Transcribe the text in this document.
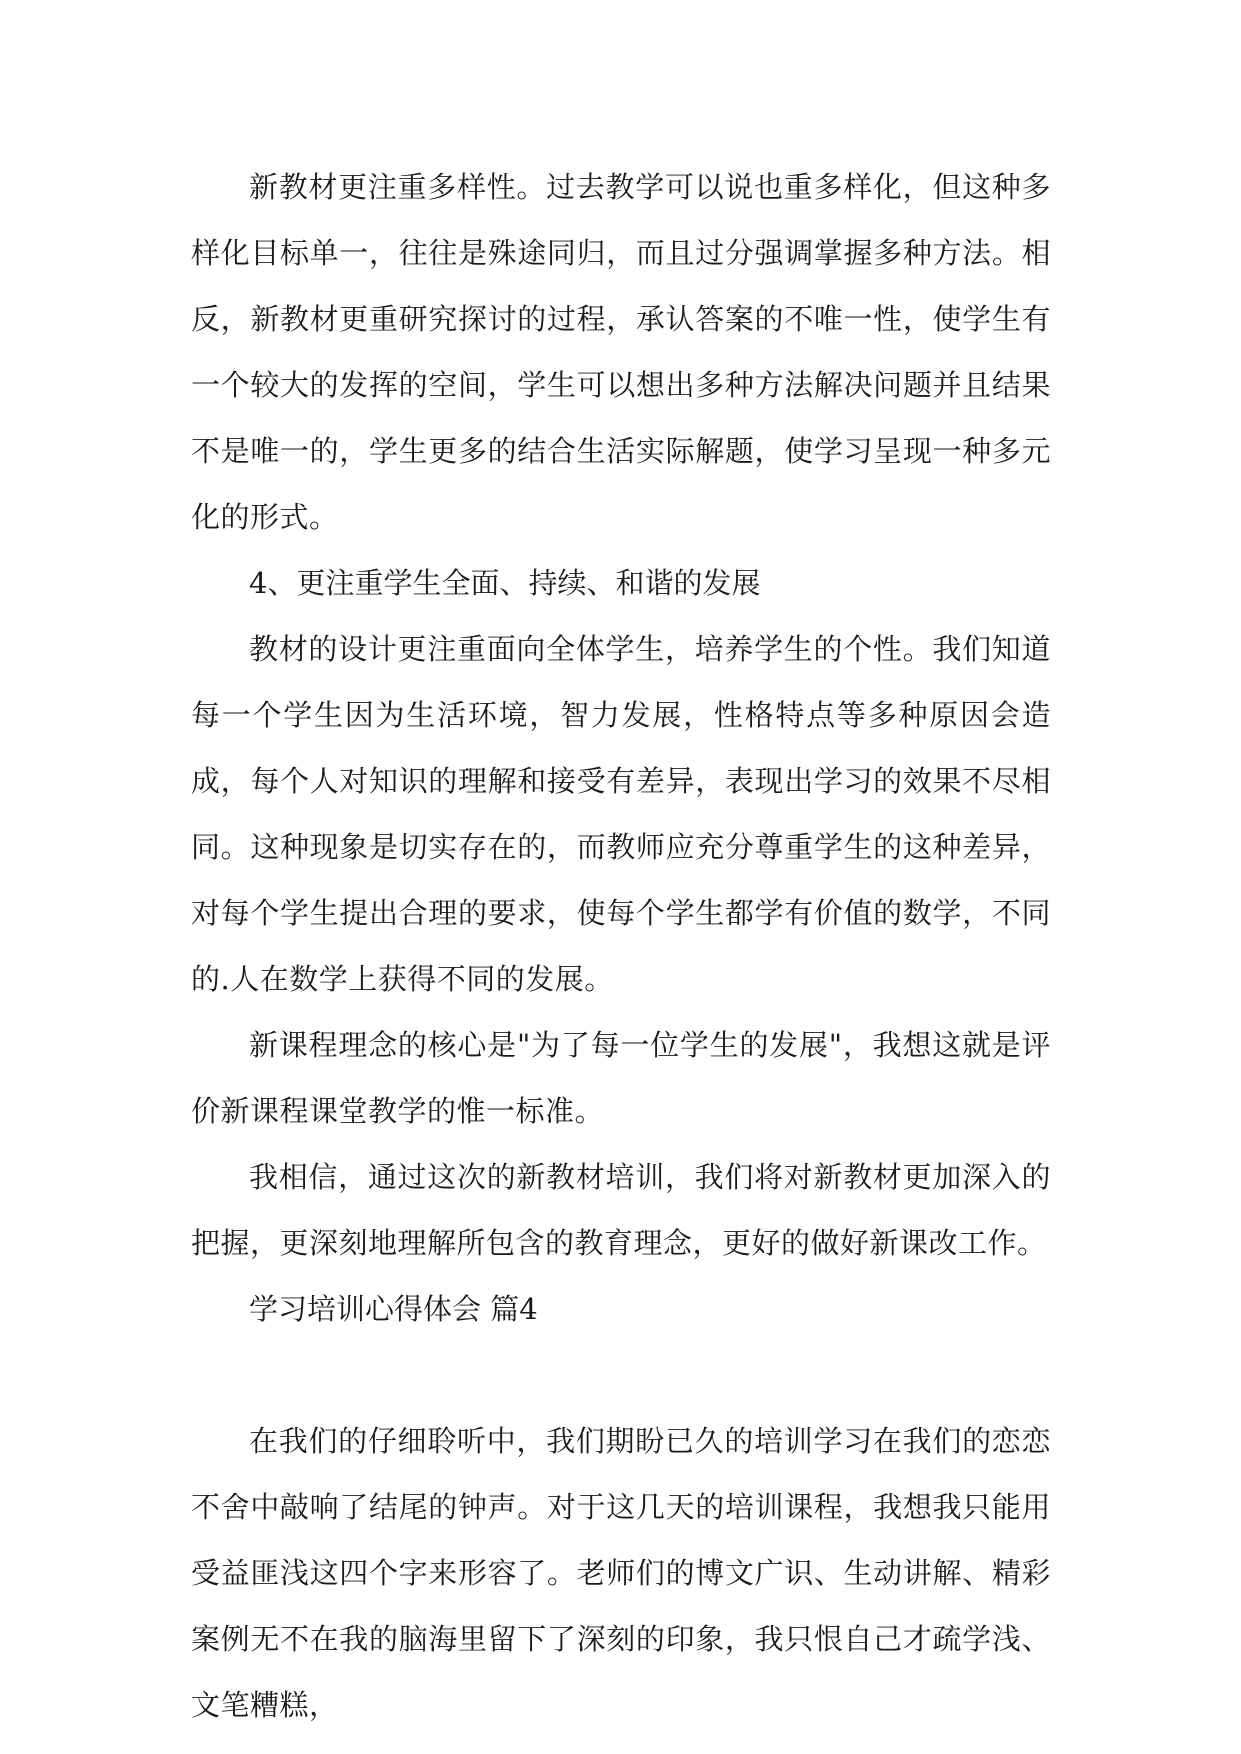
新教材更注重多样性。过去教学可以说也重多样化，但这种多样化目标单一，往往是殊途同归，而且过分强调掌握多种方法。相反，新教材更重研究探讨的过程，承认答案的不唯一性，使学生有一个较大的发挥的空间，学生可以想出多种方法解决问题并且结果不是唯一的，学生更多的结合生活实际解题，使学习呈现一种多元化的形式。

4、更注重学生全面、持续、和谐的发展

教材的设计更注重面向全体学生，培养学生的个性。我们知道每一个学生因为生活环境，智力发展，性格特点等多种原因会造成，每个人对知识的理解和接受有差异，表现出学习的效果不尽相同。这种现象是切实存在的，而教师应充分尊重学生的这种差异，对每个学生提出合理的要求，使每个学生都学有价值的数学，不同的.人在数学上获得不同的发展。

新课程理念的核心是"为了每一位学生的发展"，我想这就是评价新课程课堂教学的惟一标准。

我相信，通过这次的新教材培训，我们将对新教材更加深入的把握，更深刻地理解所包含的教育理念，更好的做好新课改工作。

学习培训心得体会 篇4

在我们的仔细聆听中，我们期盼已久的培训学习在我们的恋恋不舍中敲响了结尾的钟声。对于这几天的培训课程，我想我只能用受益匪浅这四个字来形容了。老师们的博文广识、生动讲解、精彩案例无不在我的脑海里留下了深刻的印象，我只恨自己才疏学浅、文笔糟糕，
